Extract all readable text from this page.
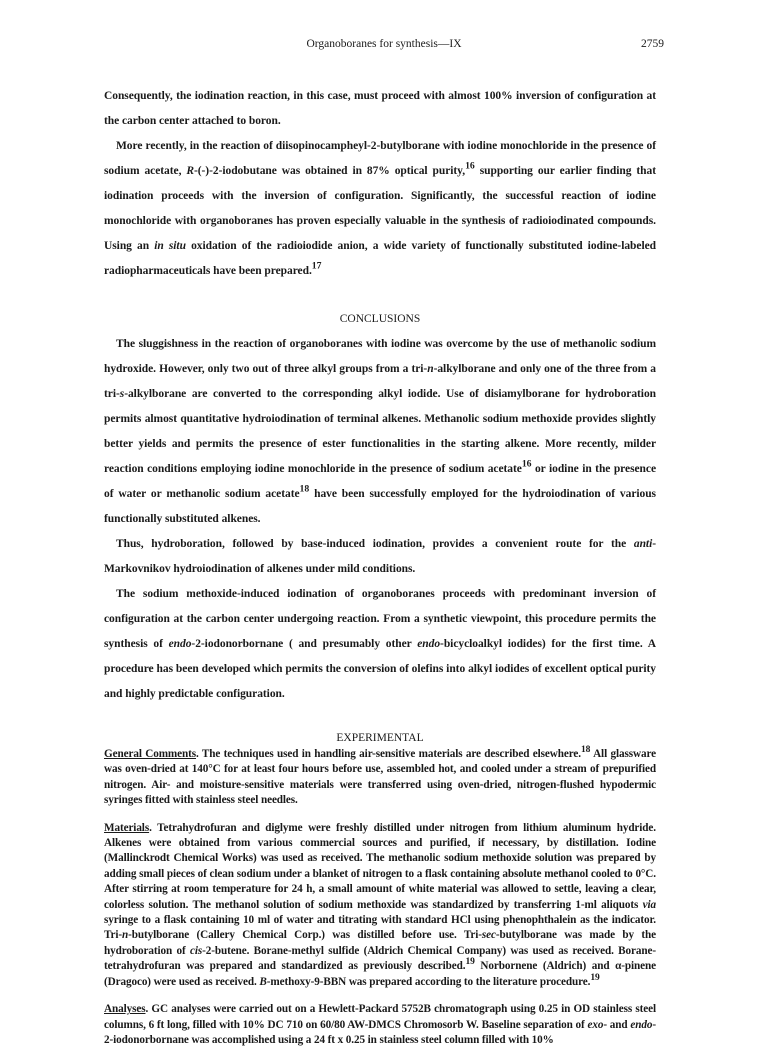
Organoboranes for synthesis—IX	2759

Consequently, the iodination reaction, in this case, must proceed with almost 100% inversion of configuration at the carbon center attached to boron.

More recently, in the reaction of diisopinocampheyl-2-butylborane with iodine monochloride in the presence of sodium acetate, R-(-)-2-iodobutane was obtained in 87% optical purity,$^{16}$ supporting our earlier finding that iodination proceeds with the inversion of configuration. Significantly, the successful reaction of iodine monochloride with organoboranes has proven especially valuable in the synthesis of radioiodinated compounds. Using an in situ oxidation of the radioiodide anion, a wide variety of functionally substituted iodine-labeled radiopharmaceuticals have been prepared.$^{17}$

CONCLUSIONS

The sluggishness in the reaction of organoboranes with iodine was overcome by the use of methanolic sodium hydroxide. However, only two out of three alkyl groups from a tri-n-alkylborane and only one of the three from a tri-s-alkylborane are converted to the corresponding alkyl iodide. Use of disiamylborane for hydroboration permits almost quantitative hydroiodination of terminal alkenes. Methanolic sodium methoxide provides slightly better yields and permits the presence of ester functionalities in the starting alkene. More recently, milder reaction conditions employing iodine monochloride in the presence of sodium acetate$^{16}$ or iodine in the presence of water or methanolic sodium acetate$^{18}$ have been successfully employed for the hydroiodination of various functionally substituted alkenes.

Thus, hydroboration, followed by base-induced iodination, provides a convenient route for the anti-Markovnikov hydroiodination of alkenes under mild conditions.

The sodium methoxide-induced iodination of organoboranes proceeds with predominant inversion of configuration at the carbon center undergoing reaction. From a synthetic viewpoint, this procedure permits the synthesis of endo-2-iodonorbornane ( and presumably other endo-bicycloalkyl iodides) for the first time. A procedure has been developed which permits the conversion of olefins into alkyl iodides of excellent optical purity and highly predictable configuration.

EXPERIMENTAL

General Comments. The techniques used in handling air-sensitive materials are described elsewhere.$^{18}$ All glassware was oven-dried at 140°C for at least four hours before use, assembled hot, and cooled under a stream of prepurified nitrogen. Air- and moisture-sensitive materials were transferred using oven-dried, nitrogen-flushed hypodermic syringes fitted with stainless steel needles.

Materials. Tetrahydrofuran and diglyme were freshly distilled under nitrogen from lithium aluminum hydride. Alkenes were obtained from various commercial sources and purified, if necessary, by distillation. Iodine (Mallinckrodt Chemical Works) was used as received. The methanolic sodium methoxide solution was prepared by adding small pieces of clean sodium under a blanket of nitrogen to a flask containing absolute methanol cooled to 0°C. After stirring at room temperature for 24 h, a small amount of white material was allowed to settle, leaving a clear, colorless solution. The methanol solution of sodium methoxide was standardized by transferring 1-ml aliquots via syringe to a flask containing 10 ml of water and titrating with standard HCl using phenophthalein as the indicator. Tri-n-butylborane (Callery Chemical Corp.) was distilled before use. Tri-sec-butylborane was made by the hydroboration of cis-2-butene. Borane-methyl sulfide (Aldrich Chemical Company) was used as received. Borane-tetrahydrofuran was prepared and standardized as previously described.$^{19}$ Norbornene (Aldrich) and α-pinene (Dragoco) were used as received. B-methoxy-9-BBN was prepared according to the literature procedure.$^{19}$

Analyses. GC analyses were carried out on a Hewlett-Packard 5752B chromatograph using 0.25 in OD stainless steel columns, 6 ft long, filled with 10% DC 710 on 60/80 AW-DMCS Chromosorb W. Baseline separation of exo- and endo-2-iodonorbornane was accomplished using a 24 ft x 0.25 in stainless steel column filled with 10%
